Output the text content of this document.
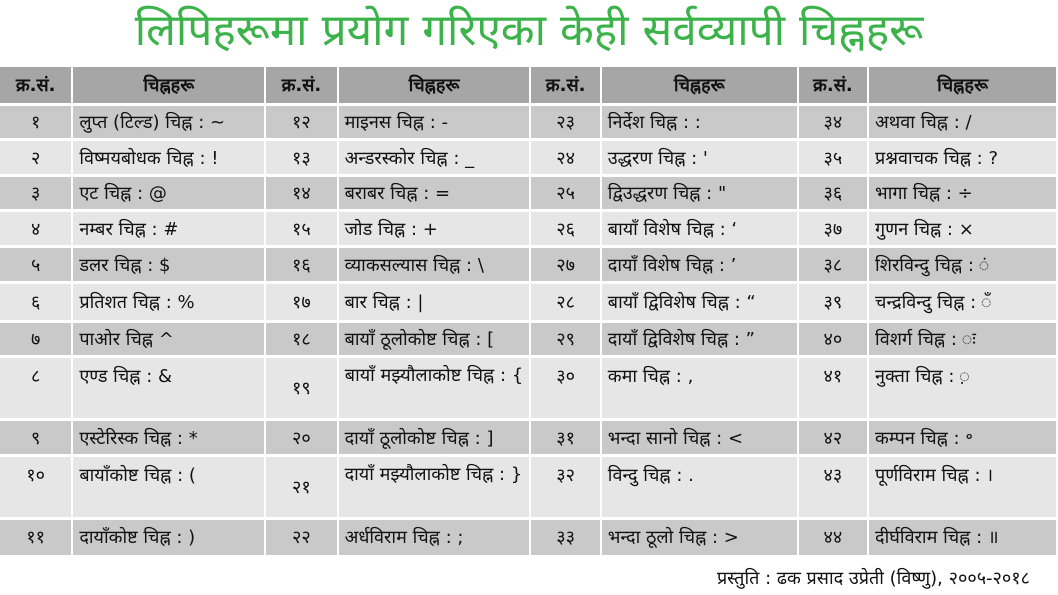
लिपिहरूमा प्रयोग गरिएका केही सर्वव्यापी चिह्नहरू
क्र.सं.	चिह्नहरू	क्र.सं.	चिह्नहरू	क्र.सं.	चिह्नहरू	क्र.सं.	चिह्नहरू
१	लुप्त (टिल्ड) चिह्न : ~	१२	माइनस चिह्न : -	२३	निर्देश चिह्न : :	३४	अथवा चिह्न : /
२	विष्मयबोधक चिह्न : !	१३	अन्डरस्कोर चिह्न : _	२४	उद्धरण चिह्न : '	३५	प्रश्नवाचक चिह्न : ?
३	एट चिह्न : @	१४	बराबर चिह्न : =	२५	द्विउद्धरण चिह्न : "	३६	भागा चिह्न : ÷
४	नम्बर चिह्न : #	१५	जोड चिह्न : +	२६	बायाँ विशेष चिह्न : ‘	३७	गुणन चिह्न : ×
५	डलर चिह्न : $	१६	व्याकसल्यास चिह्न : \	२७	दायाँ विशेष चिह्न : ’	३८	शिरविन्दु चिह्न : ं
६	प्रतिशत चिह्न : %	१७	बार चिह्न : |	२८	बायाँ द्विविशेष चिह्न : “	३९	चन्द्रविन्दु चिह्न : ँ
७	पाओर चिह्न ^	१८	बायाँ ठूलोकोष्ट चिह्न : [	२९	दायाँ द्विविशेष चिह्न : ”	४०	विशर्ग चिह्न : ः
८	एण्ड चिह्न : &	१९	बायाँ मझ्यौलाकोष्ट चिह्न : {	३०	कमा चिह्न : ,	४१	नुक्ता चिह्न : ़
९	एस्टेरिस्क चिह्न : *	२०	दायाँ ठूलोकोष्ट चिह्न : ]	३१	भन्दा सानो चिह्न : <	४२	कम्पन चिह्न : ॰
१०	बायाँकोष्ट चिह्न : (	२१	दायाँ मझ्यौलाकोष्ट चिह्न : }	३२	विन्दु चिह्न : .	४३	पूर्णविराम चिह्न : ।
११	दायाँकोष्ट चिह्न : )	२२	अर्धविराम चिह्न : ;	३३	भन्दा ठूलो चिह्न : >	४४	दीर्घविराम चिह्न : ॥
प्रस्तुति : ढक प्रसाद उप्रेती (विष्णु), २००५-२०१८
